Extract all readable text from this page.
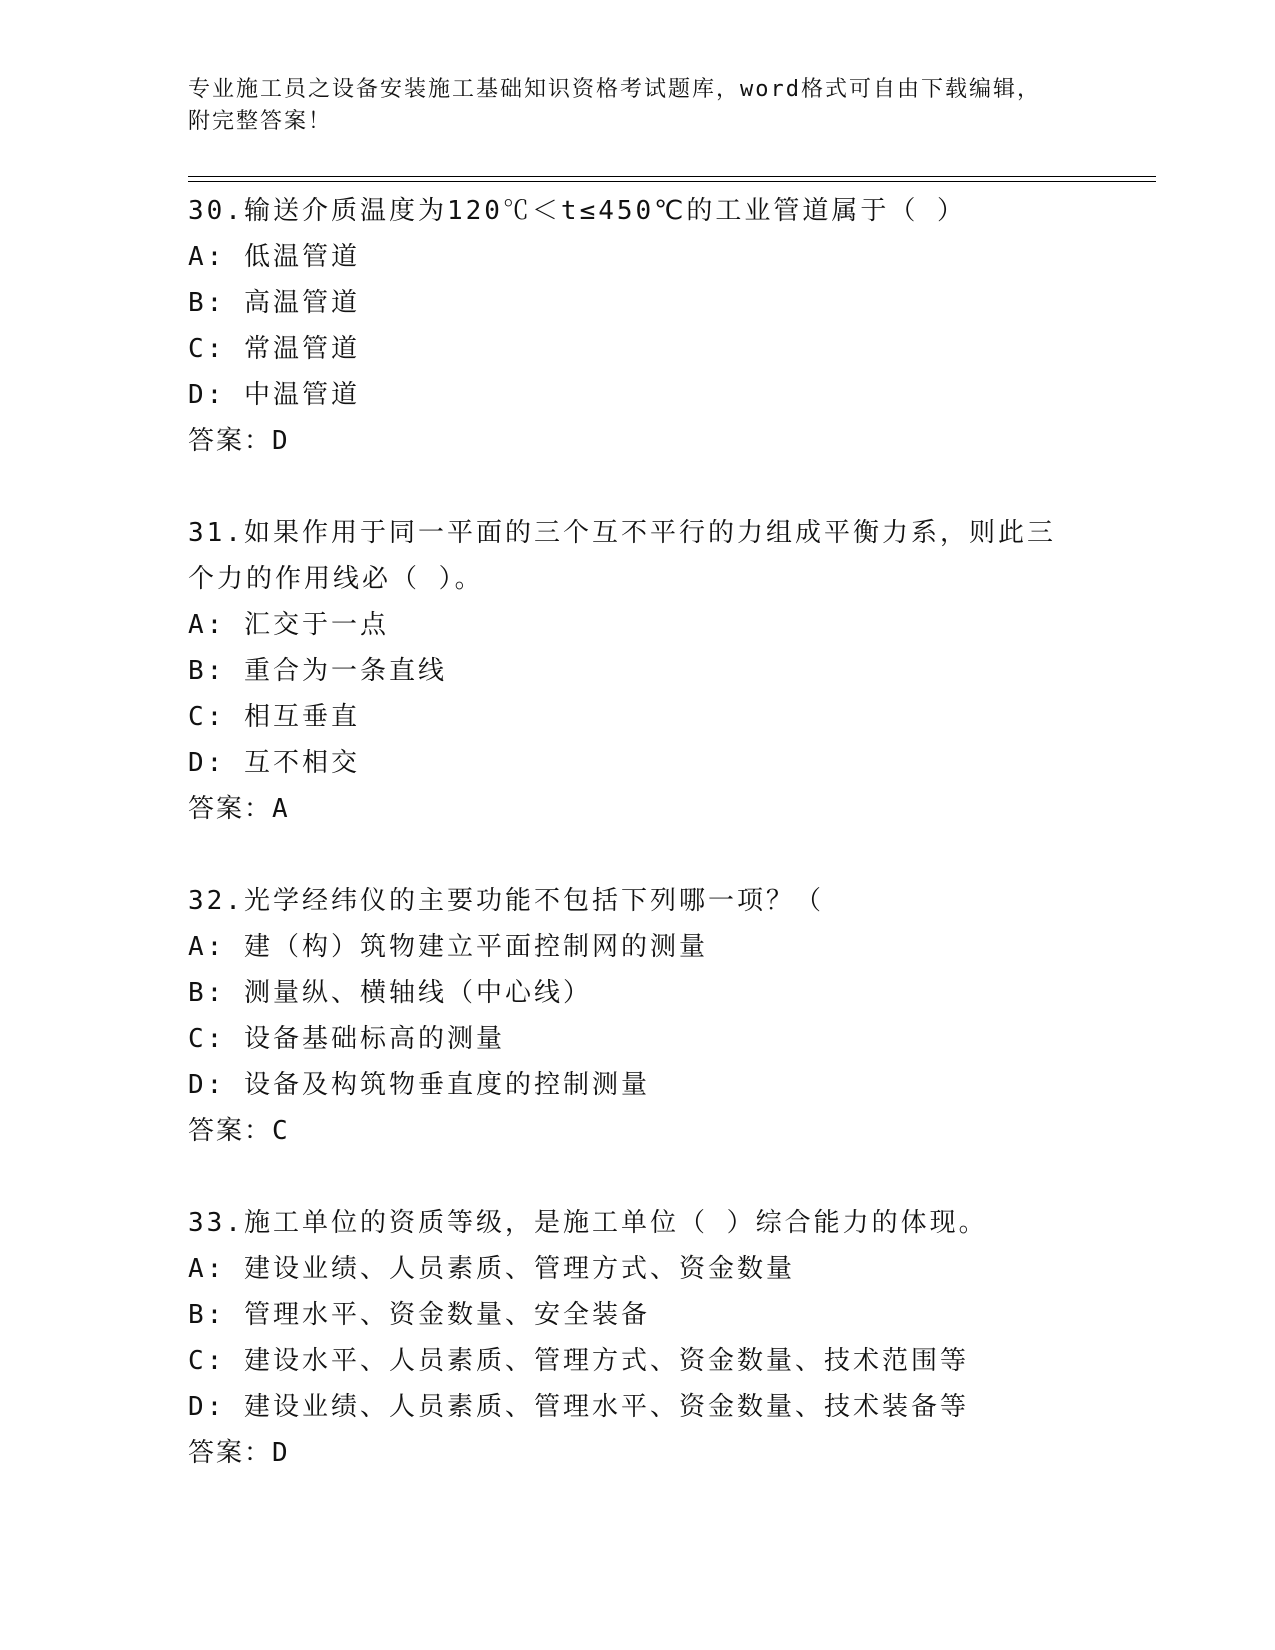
专业施工员之设备安装施工基础知识资格考试题库，word格式可自由下载编辑，
附完整答案！
30.输送介质温度为120℃＜t≤450℃的工业管道属于（ ）
A: 低温管道
B: 高温管道
C: 常温管道
D: 中温管道
答案：D
31.如果作用于同一平面的三个互不平行的力组成平衡力系，则此三个力的作用线必（ ）。
A: 汇交于一点
B: 重合为一条直线
C: 相互垂直
D: 互不相交
答案：A
32.光学经纬仪的主要功能不包括下列哪一项？（
A: 建（构）筑物建立平面控制网的测量
B: 测量纵、横轴线（中心线）
C: 设备基础标高的测量
D: 设备及构筑物垂直度的控制测量
答案：C
33.施工单位的资质等级，是施工单位（ ）综合能力的体现。
A: 建设业绩、人员素质、管理方式、资金数量
B: 管理水平、资金数量、安全装备
C: 建设水平、人员素质、管理方式、资金数量、技术范围等
D: 建设业绩、人员素质、管理水平、资金数量、技术装备等
答案：D
